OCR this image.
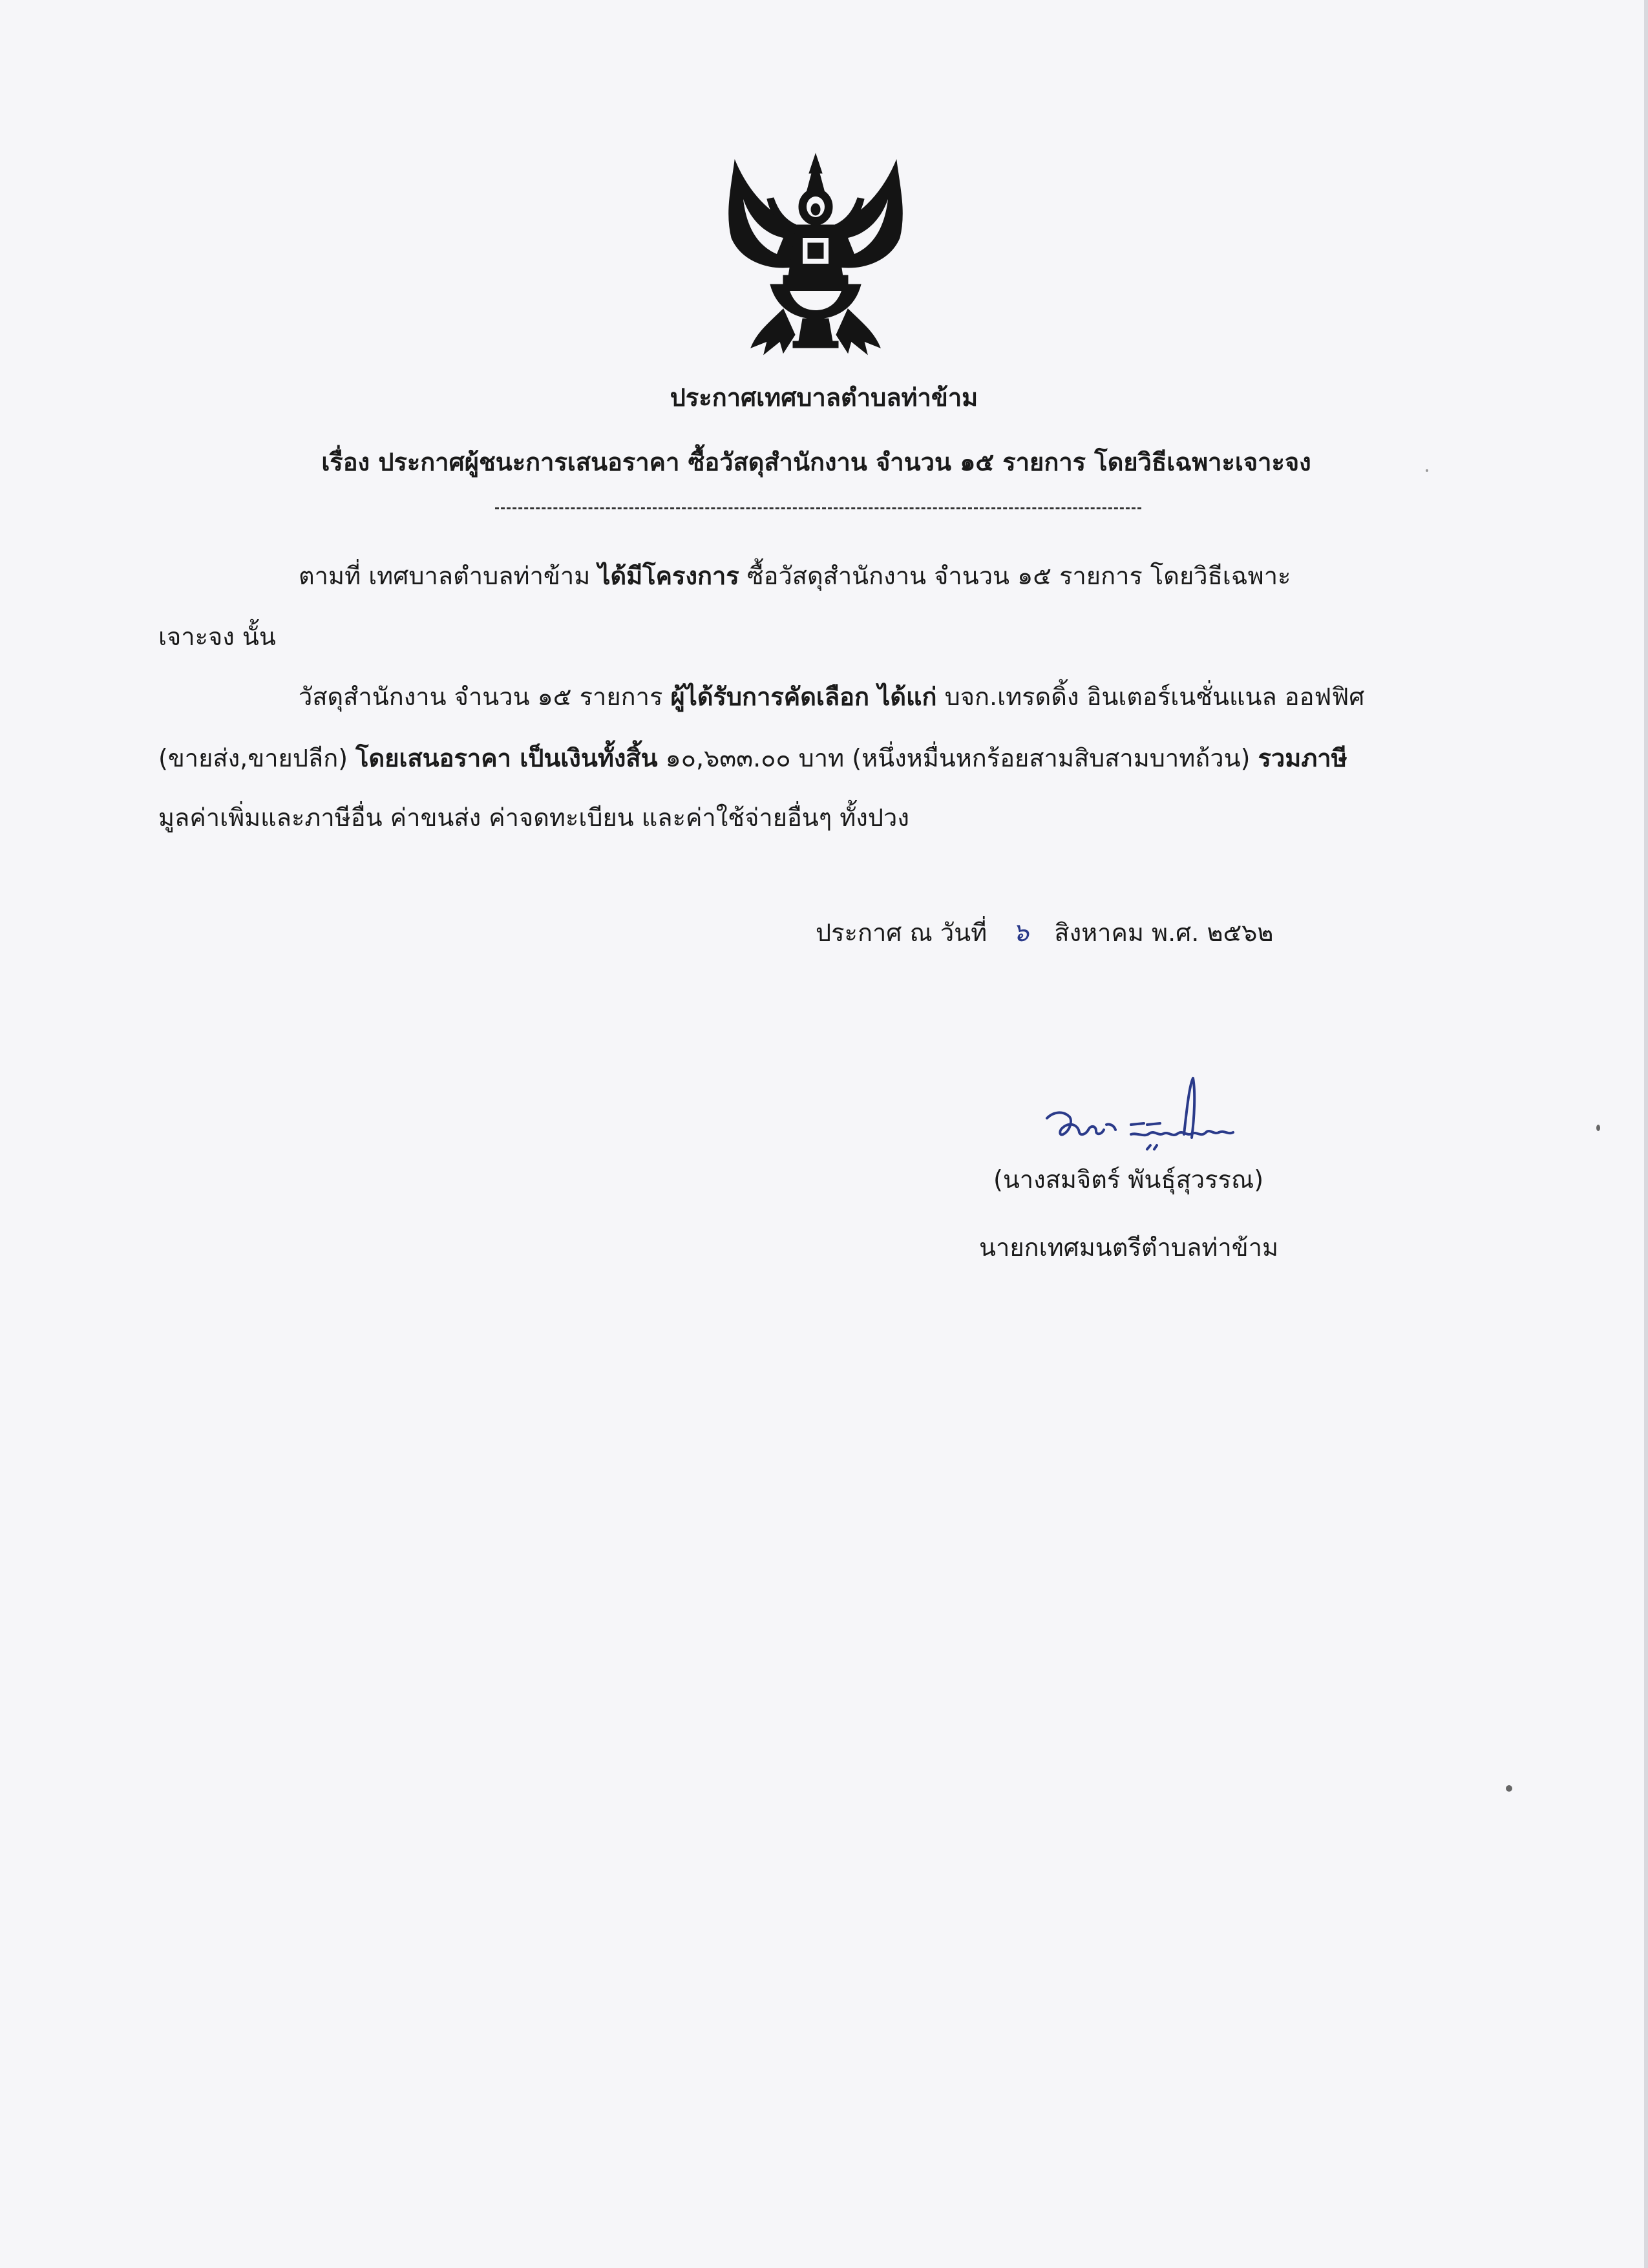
ประกาศเทศบาลตำบลท่าข้าม
เรื่อง ประกาศผู้ชนะการเสนอราคา ซื้อวัสดุสำนักงาน จำนวน ๑๕ รายการ โดยวิธีเฉพาะเจาะจง
ตามที่ เทศบาลตำบลท่าข้าม ได้มีโครงการ ซื้อวัสดุสำนักงาน จำนวน ๑๕ รายการ โดยวิธีเฉพาะ
เจาะจง นั้น
วัสดุสำนักงาน จำนวน ๑๕ รายการ ผู้ได้รับการคัดเลือก ได้แก่ บจก.เทรดดิ้ง อินเตอร์เนชั่นแนล ออฟฟิศ
(ขายส่ง,ขายปลีก) โดยเสนอราคา เป็นเงินทั้งสิ้น ๑๐,๖๓๓.๐๐ บาท (หนึ่งหมื่นหกร้อยสามสิบสามบาทถ้วน) รวมภาษี
มูลค่าเพิ่มและภาษีอื่น ค่าขนส่ง ค่าจดทะเบียน และค่าใช้จ่ายอื่นๆ ทั้งปวง
ประกาศ ณ วันที่ ๖ สิงหาคม พ.ศ. ๒๕๖๒
(นางสมจิตร์ พันธุ์สุวรรณ)
นายกเทศมนตรีตำบลท่าข้าม
